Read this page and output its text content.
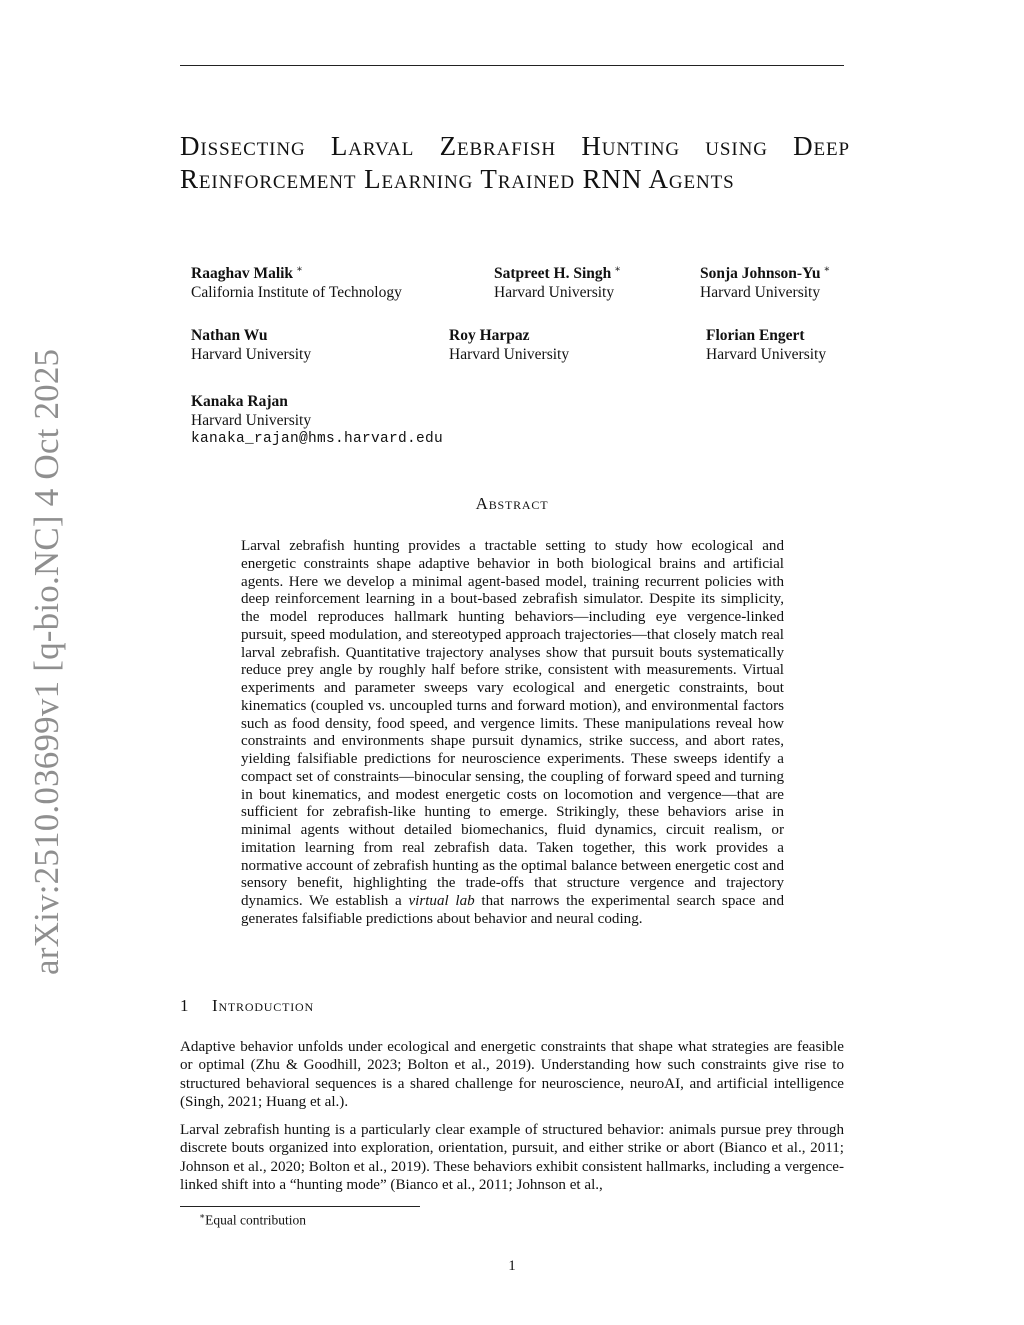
arXiv:2510.03699v1 [q-bio.NC] 4 Oct 2025
Dissecting Larval Zebrafish Hunting using Deep Reinforcement Learning Trained RNN Agents
Raaghav Malik ∗
California Institute of Technology
Satpreet H. Singh ∗
Harvard University
Sonja Johnson-Yu ∗
Harvard University
Nathan Wu
Harvard University
Roy Harpaz
Harvard University
Florian Engert
Harvard University
Kanaka Rajan
Harvard University
kanaka_rajan@hms.harvard.edu
Abstract

Larval zebrafish hunting provides a tractable setting to study how ecological and energetic constraints shape adaptive behavior in both biological brains and artificial agents. Here we develop a minimal agent-based model, training recurrent policies with deep reinforcement learning in a bout-based zebrafish simulator. Despite its simplicity, the model reproduces hallmark hunting behaviors—including eye vergence-linked pursuit, speed modulation, and stereotyped approach trajectories—that closely match real larval zebrafish. Quantitative trajectory analyses show that pursuit bouts systematically reduce prey angle by roughly half before strike, consistent with measurements. Virtual experiments and parameter sweeps vary ecological and energetic constraints, bout kinematics (coupled vs. uncoupled turns and forward motion), and environmental factors such as food density, food speed, and vergence limits. These manipulations reveal how constraints and environments shape pursuit dynamics, strike success, and abort rates, yielding falsifiable predictions for neuroscience experiments. These sweeps identify a compact set of constraints—binocular sensing, the coupling of forward speed and turning in bout kinematics, and modest energetic costs on locomotion and vergence—that are sufficient for zebrafish-like hunting to emerge. Strikingly, these behaviors arise in minimal agents without detailed biomechanics, fluid dynamics, circuit realism, or imitation learning from real zebrafish data. Taken together, this work provides a normative account of zebrafish hunting as the optimal balance between energetic cost and sensory benefit, highlighting the trade-offs that structure vergence and trajectory dynamics. We establish a virtual lab that narrows the experimental search space and generates falsifiable predictions about behavior and neural coding.

1 Introduction

Adaptive behavior unfolds under ecological and energetic constraints that shape what strategies are feasible or optimal (Zhu & Goodhill, 2023; Bolton et al., 2019). Understanding how such constraints give rise to structured behavioral sequences is a shared challenge for neuroscience, neuroAI, and artificial intelligence (Singh, 2021; Huang et al.).

Larval zebrafish hunting is a particularly clear example of structured behavior: animals pursue prey through discrete bouts organized into exploration, orientation, pursuit, and either strike or abort (Bianco et al., 2011; Johnson et al., 2020; Bolton et al., 2019). These behaviors exhibit consistent hallmarks, including a vergence-linked shift into a “hunting mode” (Bianco et al., 2011; Johnson et al.,

∗Equal contribution

1
